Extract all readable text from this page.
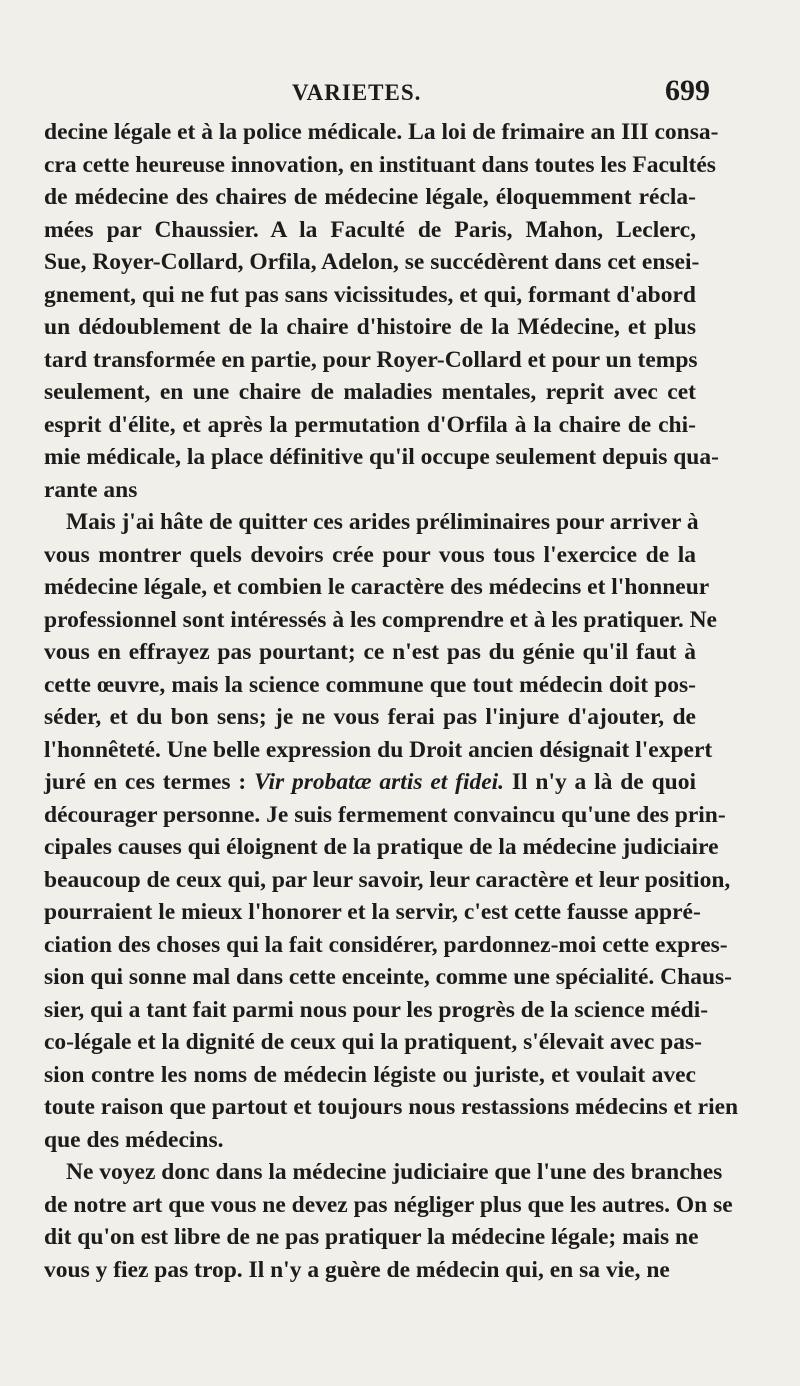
VARIETES.	699
decine légale et à la police médicale. La loi de frimaire an III consa-
cra cette heureuse innovation, en instituant dans toutes les Facultés
de médecine des chaires de médecine légale, éloquemment récla-
mées par Chaussier. A la Faculté de Paris, Mahon, Leclerc,
Sue, Royer-Collard, Orfila, Adelon, se succédèrent dans cet ensei-
gnement, qui ne fut pas sans vicissitudes, et qui, formant d'abord
un dédoublement de la chaire d'histoire de la Médecine, et plus
tard transformée en partie, pour Royer-Collard et pour un temps
seulement, en une chaire de maladies mentales, reprit avec cet
esprit d'élite, et après la permutation d'Orfila à la chaire de chi-
mie médicale, la place définitive qu'il occupe seulement depuis qua-
rante ans
Mais j'ai hâte de quitter ces arides préliminaires pour arriver à
vous montrer quels devoirs crée pour vous tous l'exercice de la
médecine légale, et combien le caractère des médecins et l'honneur
professionnel sont intéressés à les comprendre et à les pratiquer. Ne
vous en effrayez pas pourtant; ce n'est pas du génie qu'il faut à
cette œuvre, mais la science commune que tout médecin doit pos-
séder, et du bon sens; je ne vous ferai pas l'injure d'ajouter, de
l'honnêteté. Une belle expression du Droit ancien désignait l'expert
juré en ces termes : Vir probatæ artis et fidei. Il n'y a là de quoi
décourager personne. Je suis fermement convaincu qu'une des prin-
cipales causes qui éloignent de la pratique de la médecine judiciaire
beaucoup de ceux qui, par leur savoir, leur caractère et leur position,
pourraient le mieux l'honorer et la servir, c'est cette fausse appré-
ciation des choses qui la fait considérer, pardonnez-moi cette expres-
sion qui sonne mal dans cette enceinte, comme une spécialité. Chaus-
sier, qui a tant fait parmi nous pour les progrès de la science médi-
co-légale et la dignité de ceux qui la pratiquent, s'élevait avec pas-
sion contre les noms de médecin légiste ou juriste, et voulait avec
toute raison que partout et toujours nous restassions médecins et rien
que des médecins.
Ne voyez donc dans la médecine judiciaire que l'une des branches
de notre art que vous ne devez pas négliger plus que les autres. On se
dit qu'on est libre de ne pas pratiquer la médecine légale; mais ne
vous y fiez pas trop. Il n'y a guère de médecin qui, en sa vie, ne
